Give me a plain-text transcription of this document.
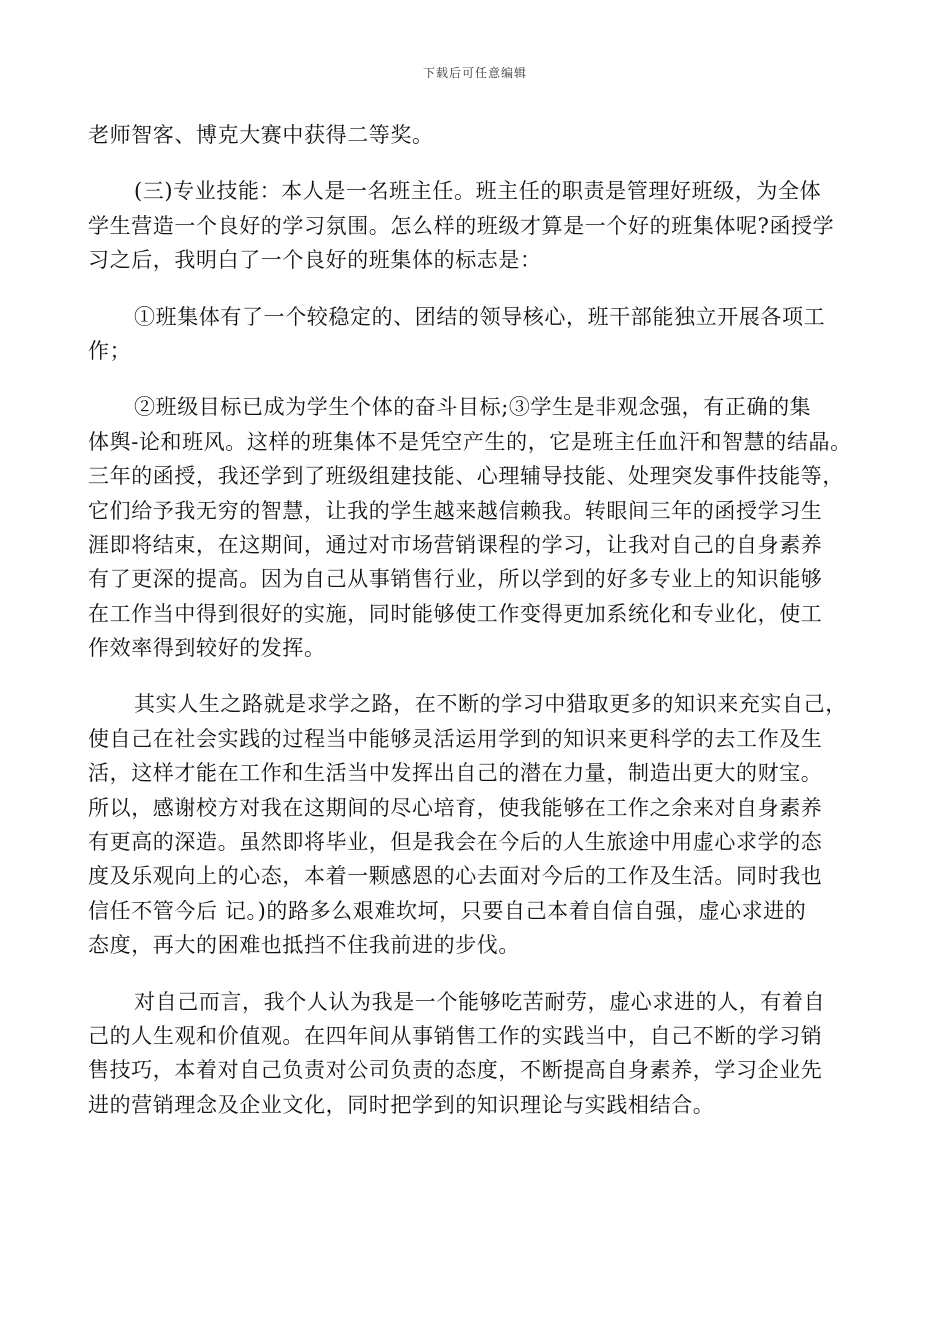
下载后可任意编辑
老师智客、博克大赛中获得二等奖。
(三)专业技能：本人是一名班主任。班主任的职责是管理好班级，为全体
学生营造一个良好的学习氛围。怎么样的班级才算是一个好的班集体呢?函授学
习之后，我明白了一个良好的班集体的标志是：
①班集体有了一个较稳定的、团结的领导核心，班干部能独立开展各项工
作；
②班级目标已成为学生个体的奋斗目标;③学生是非观念强，有正确的集
体舆-论和班风。这样的班集体不是凭空产生的，它是班主任血汗和智慧的结晶。
三年的函授，我还学到了班级组建技能、心理辅导技能、处理突发事件技能等，
它们给予我无穷的智慧，让我的学生越来越信赖我。转眼间三年的函授学习生
涯即将结束，在这期间，通过对市场营销课程的学习，让我对自己的自身素养
有了更深的提高。因为自己从事销售行业，所以学到的好多专业上的知识能够
在工作当中得到很好的实施，同时能够使工作变得更加系统化和专业化，使工
作效率得到较好的发挥。
其实人生之路就是求学之路，在不断的学习中猎取更多的知识来充实自己，
使自己在社会实践的过程当中能够灵活运用学到的知识来更科学的去工作及生
活，这样才能在工作和生活当中发挥出自己的潜在力量，制造出更大的财宝。
所以，感谢校方对我在这期间的尽心培育，使我能够在工作之余来对自身素养
有更高的深造。虽然即将毕业，但是我会在今后的人生旅途中用虚心求学的态
度及乐观向上的心态，本着一颗感恩的心去面对今后的工作及生活。同时我也
信任不管今后 记。)的路多么艰难坎坷，只要自己本着自信自强，虚心求进的
态度，再大的困难也抵挡不住我前进的步伐。
对自己而言，我个人认为我是一个能够吃苦耐劳，虚心求进的人，有着自
己的人生观和价值观。在四年间从事销售工作的实践当中，自己不断的学习销
售技巧，本着对自己负责对公司负责的态度，不断提高自身素养，学习企业先
进的营销理念及企业文化，同时把学到的知识理论与实践相结合。
